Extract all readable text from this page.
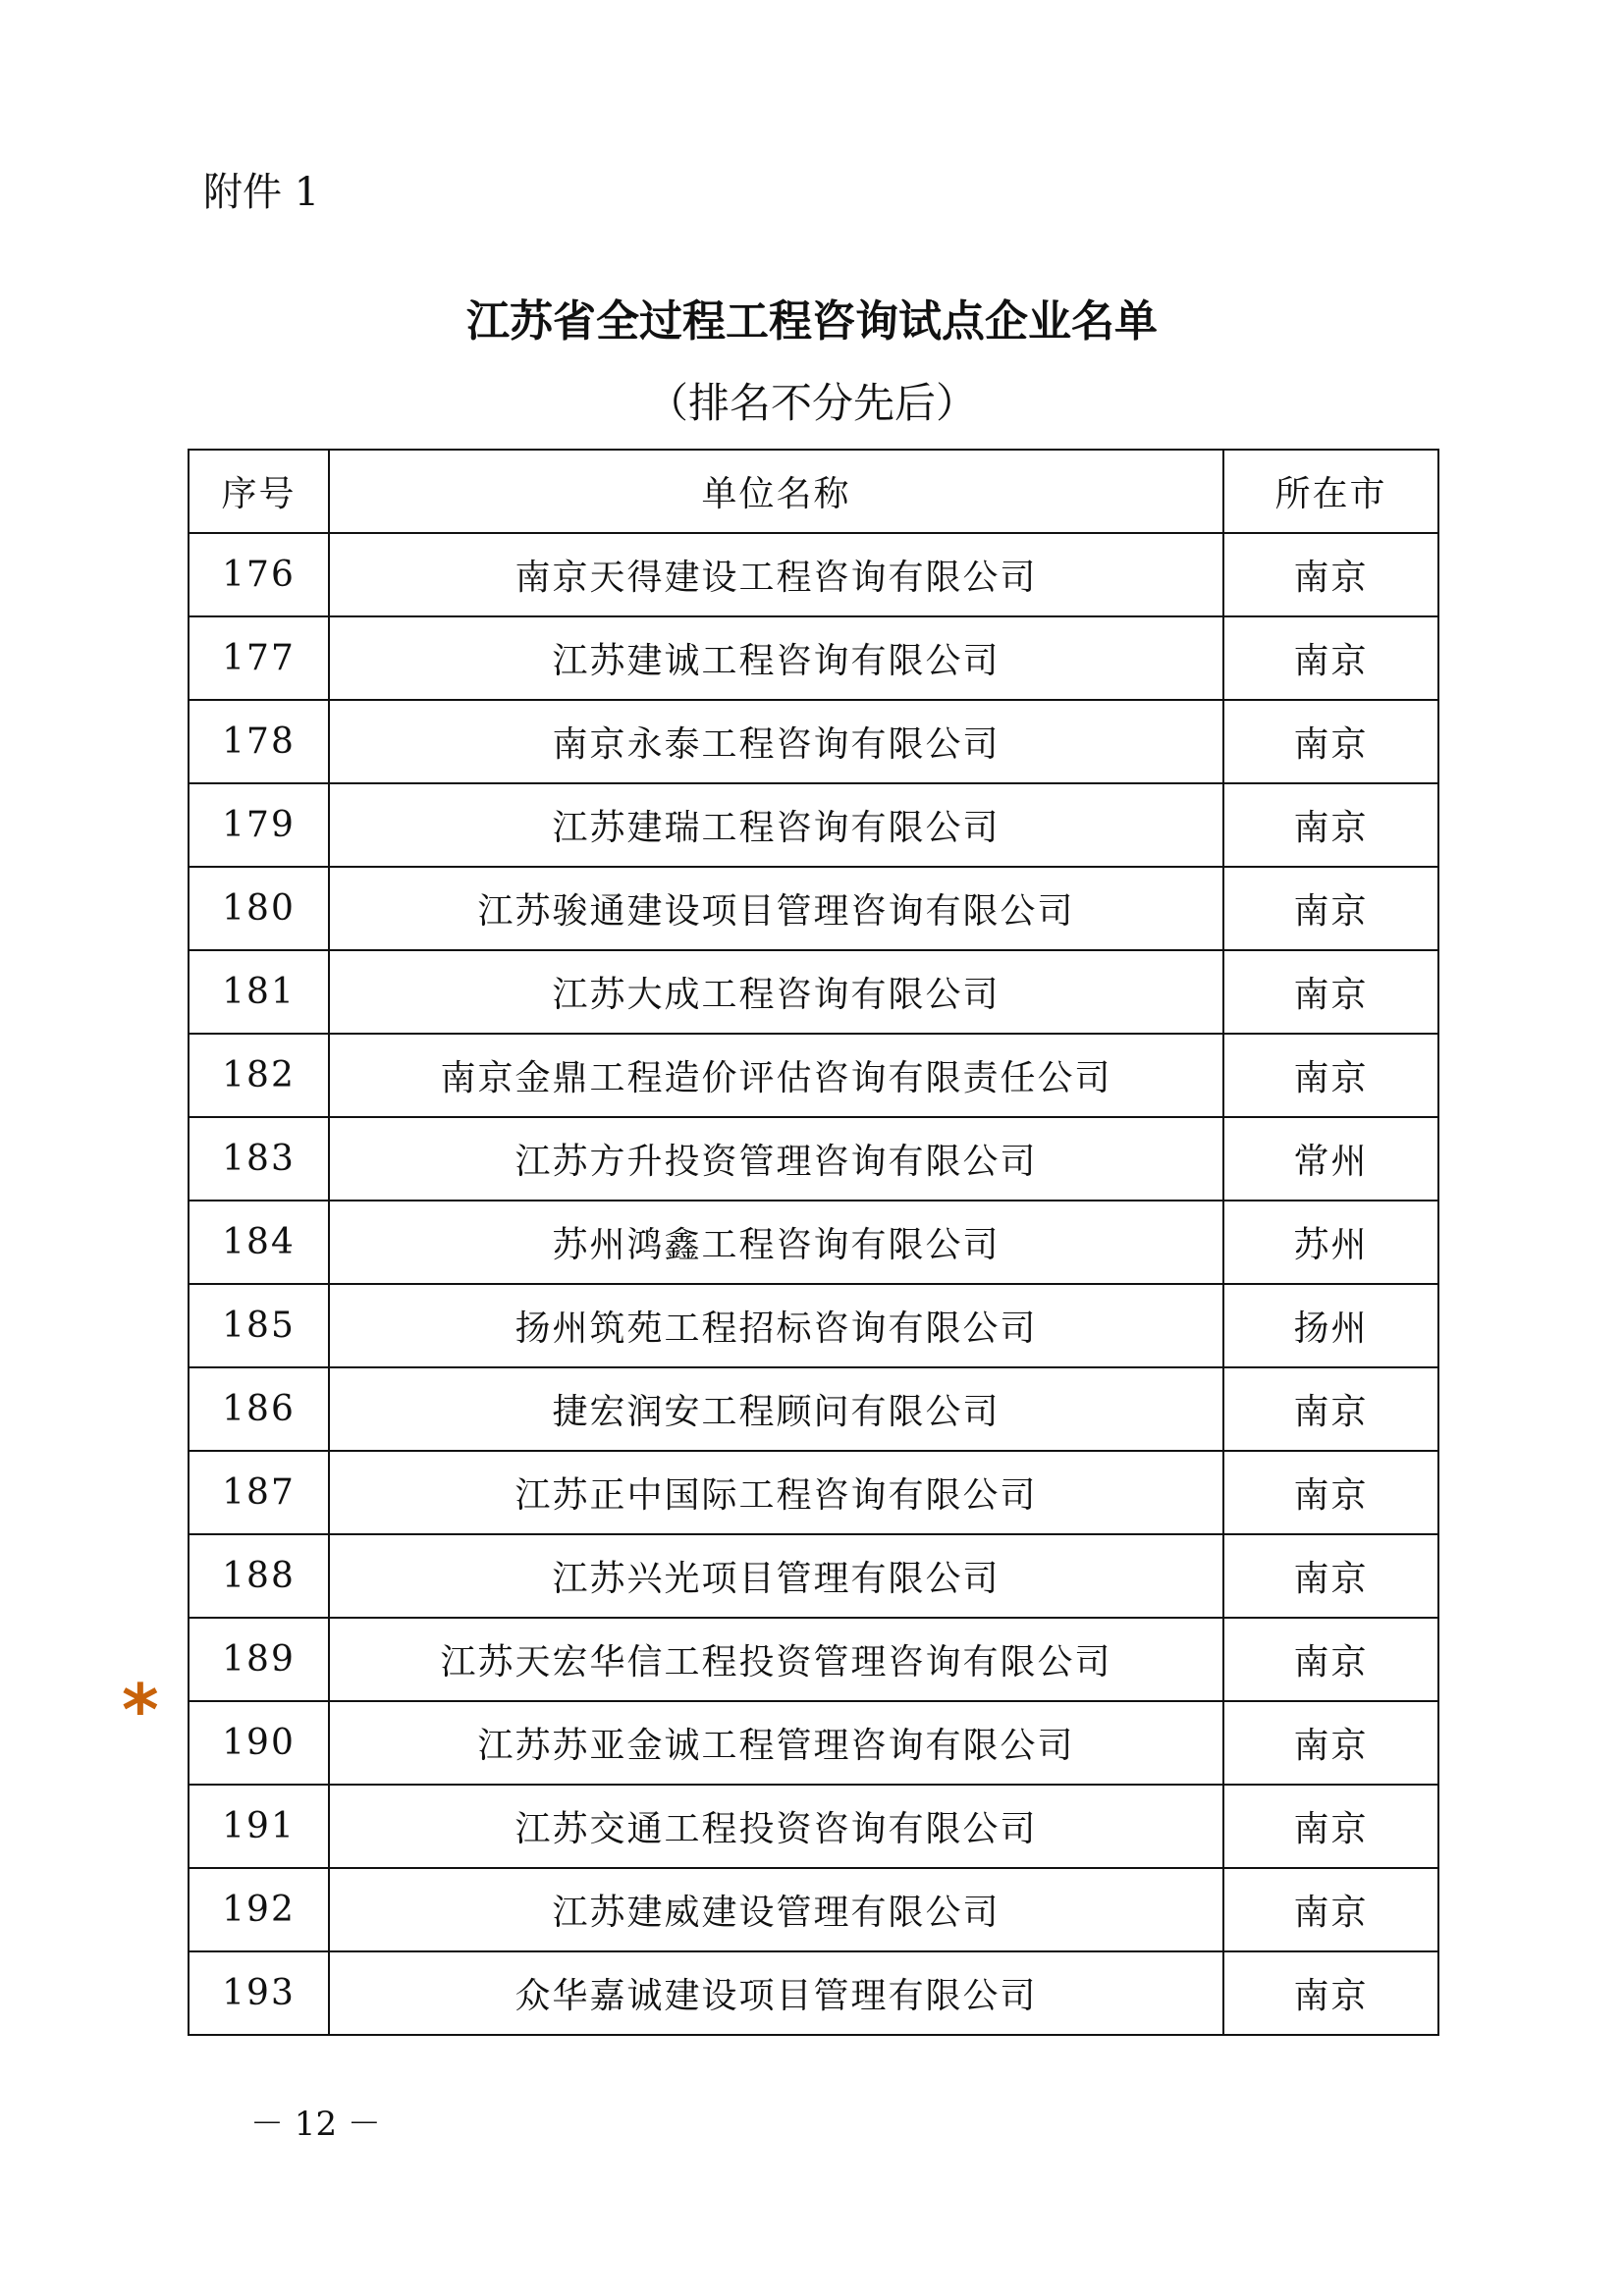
附件 1
江苏省全过程工程咨询试点企业名单
（排名不分先后）
序号	单位名称	所在市
176	南京天得建设工程咨询有限公司	南京
177	江苏建诚工程咨询有限公司	南京
178	南京永泰工程咨询有限公司	南京
179	江苏建瑞工程咨询有限公司	南京
180	江苏骏通建设项目管理咨询有限公司	南京
181	江苏大成工程咨询有限公司	南京
182	南京金鼎工程造价评估咨询有限责任公司	南京
183	江苏方升投资管理咨询有限公司	常州
184	苏州鸿鑫工程咨询有限公司	苏州
185	扬州筑苑工程招标咨询有限公司	扬州
186	捷宏润安工程顾问有限公司	南京
187	江苏正中国际工程咨询有限公司	南京
188	江苏兴光项目管理有限公司	南京
189	江苏天宏华信工程投资管理咨询有限公司	南京
190	江苏苏亚金诚工程管理咨询有限公司	南京
191	江苏交通工程投资咨询有限公司	南京
192	江苏建威建设管理有限公司	南京
193	众华嘉诚建设项目管理有限公司	南京
*
－ 12 －
